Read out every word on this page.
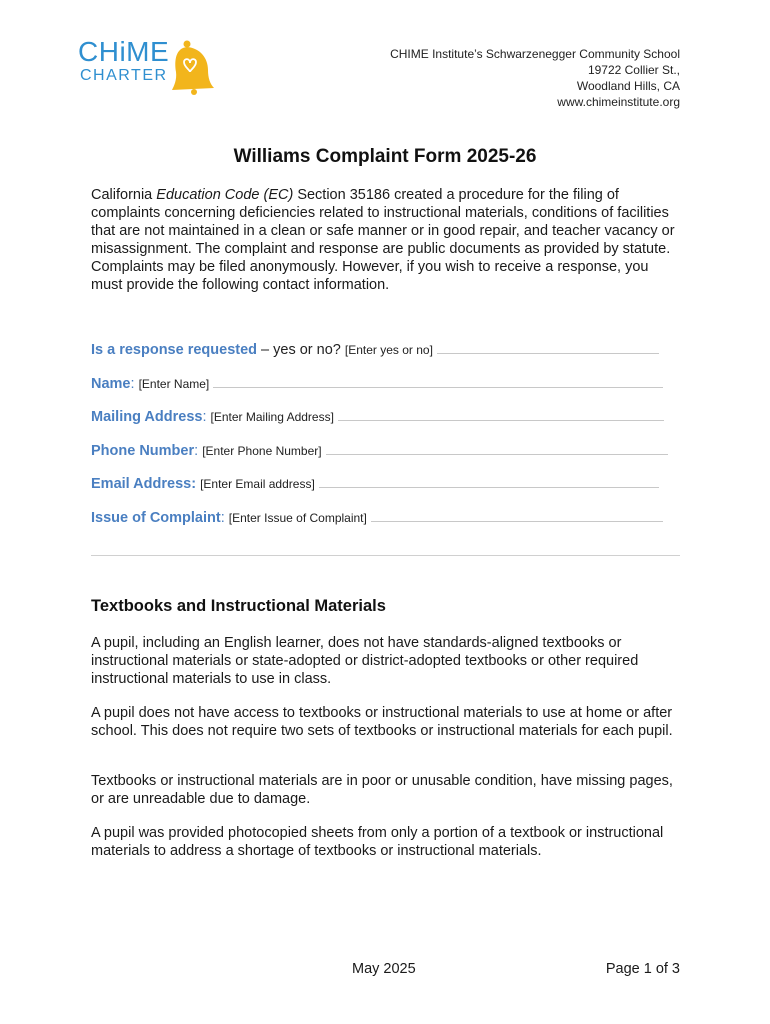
CHiME
CHARTER
CHIME Institute’s Schwarzenegger Community School
19722 Collier St.,
Woodland Hills, CA
www.chimeinstitute.org
Williams Complaint Form 2025-26
California Education Code (EC) Section 35186 created a procedure for the filing of complaints concerning deficiencies related to instructional materials, conditions of facilities that are not maintained in a clean or safe manner or in good repair, and teacher vacancy or misassignment. The complaint and response are public documents as provided by statute. Complaints may be filed anonymously. However, if you wish to receive a response, you must provide the following contact information.
Is a response requested – yes or no? [Enter yes or no]
Name: [Enter Name]
Mailing Address: [Enter Mailing Address]
Phone Number: [Enter Phone Number]
Email Address: [Enter Email address]
Issue of Complaint: [Enter Issue of Complaint]
Textbooks and Instructional Materials
A pupil, including an English learner, does not have standards-aligned textbooks or instructional materials or state-adopted or district-adopted textbooks or other required instructional materials to use in class.
A pupil does not have access to textbooks or instructional materials to use at home or after school. This does not require two sets of textbooks or instructional materials for each pupil.
Textbooks or instructional materials are in poor or unusable condition, have missing pages, or are unreadable due to damage.
A pupil was provided photocopied sheets from only a portion of a textbook or instructional materials to address a shortage of textbooks or instructional materials.
May 2025	Page 1 of 3
